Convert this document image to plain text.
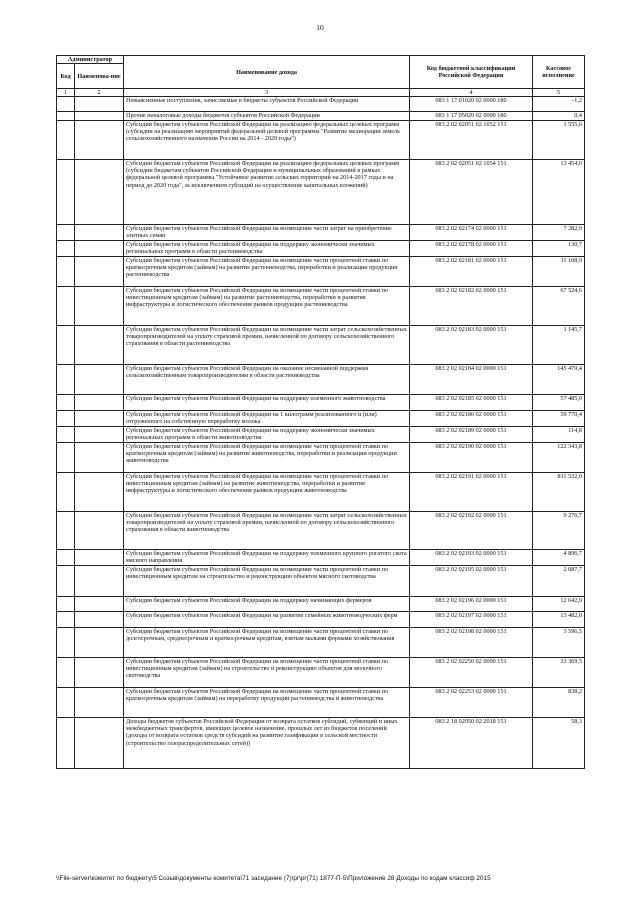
10
Администратор		Наименование дохода	Код бюджетной классификации Российской Федерации	Кассовое исполнение
Код	Наименова-ние			
1	2	3	4	5
		Невыясненные поступления, зачисляемые в бюджеты субъектов Российской Федерации	083 1 17 01020 02 0000 180	-1,2
		Прочие неналоговые доходы бюджетов субъектов Российской Федерации	083 1 17 05020 02 0000 180	0,4
		Субсидии бюджетам субъектов Российской Федерации на реализацию федеральных целевых программ (субсидии на реализацию мероприятий федеральной целевой программы "Развитие мелиорации земель сельскохозяйственного назначения России на 2014 - 2020 годы")	083 2 02 02051 02 1052 151	1 555,6
		Субсидии бюджетам субъектов Российской Федерации на реализацию федеральных целевых программ (субсидии бюджетам субъектов Российской Федерации и муниципальных образований в рамках федеральной целевой программы "Устойчивое развитие сельских территорий на 2014-2017 годы и на период до 2020 года", за исключением субсидий на осуществление капитальных вложений)	083 2 02 02051 02 1054 151	13 454,0
		Субсидии бюджетам субъектов Российской Федерации на возмещение части затрат на приобретение элитных семян	083 2 02 02174 02 0000 151	7 282,9
		Субсидии бюджетам субъектов Российской Федерации на поддержку экономически значимых региональных программ в области растениеводства	083 2 02 02178 02 0000 151	130,7
		Субсидии бюджетам субъектов Российской Федерации на возмещение части процентной ставки по краткосрочным кредитам (займам) на развитие растениеводства, переработки и реализации продукции растениеводства	083 2 02 02181 02 0000 151	11 108,9
		Субсидии бюджетам субъектов Российской Федерации на возмещение части процентной ставки по инвестиционным кредитам (займам) на развитие растениеводства, переработки и развития инфраструктуры и логистического обеспечения рынков продукции растениеводства	083 2 02 02182 02 0000 151	67 524,6
		Субсидии бюджетам субъектов Российской Федерации на возмещение части затрат сельскохозяйственных товаропроизводителей на уплату страховой премии, начисленной по договору сельскохозяйственного страхования в области растениеводства	083 2 02 02183 02 0000 151	1 145,7
		Субсидии бюджетам субъектов Российской Федерации на оказание несвязанной поддержки сельскохозяйственным товаропроизводителям в области растениеводства	083 2 02 02184 02 0000 151	145 479,4
		Субсидии бюджетам субъектов Российской Федерации на поддержку племенного животноводства	083 2 02 02185 02 0000 151	57 485,0
		Субсидии бюджетам субъектов Российской Федерации на 1 килограмм реализованного и (или) отгруженного на собственную переработку молока	083 2 02 02186 02 0000 151	59 770,4
		Субсидии бюджетам субъектов Российской Федерации на поддержку экономически значимых региональных программ в области животноводства	083 2 02 02189 02 0000 151	114,8
		Субсидии бюджетам субъектов Российской Федерации на возмещение части процентной ставки по краткосрочным кредитам (займам) на развитие животноводства, переработки и реализации продукции животноводства	083 2 02 02190 02 0000 151	122 343,8
		Субсидии бюджетам субъектов Российской Федерации на возмещение части процентной ставки по инвестиционным кредитам (займам) на развитие животноводства, переработки и развития инфраструктуры и логистического обеспечения рынков продукции животноводства	083 2 02 02191 02 0000 151	811 532,0
		Субсидии бюджетам субъектов Российской Федерации на возмещение части затрат сельскохозяйственных товаропроизводителей на уплату страховой премии, начисленной по договору сельскохозяйственного страхования в области животноводства	083 2 02 02192 02 0000 151	9 276,7
		Субсидии бюджетам субъектов Российской Федерации на поддержку племенного крупного рогатого скота мясного направления	083 2 02 02193 02 0000 151	4 896,7
		Субсидии бюджетам субъектов Российской Федерации на возмещение части процентной ставки по инвестиционным кредитам на строительство и реконструкцию объектов мясного скотоводства	083 2 02 02195 02 0000 151	2 087,7
		Субсидии бюджетам субъектов Российской Федерации на поддержку начинающих фермеров	083 2 02 02196 02 0000 151	12 642,0
		Субсидии бюджетам субъектов Российской Федерации на развитие семейных животноводческих ферм	083 2 02 02197 02 0000 151	13 482,0
		Субсидии бюджетам субъектов Российской Федерации на возмещение части процентной ставки по долгосрочным, среднесрочным и краткосрочным кредитам, взятым малыми формами хозяйствования	083 2 02 02198 02 0000 151	3 596,5
		Субсидии бюджетам субъектов Российской Федерации на возмещение части процентной ставки по инвестиционным кредитам (займам) на строительство и реконструкцию объектов для молочного скотоводства	083 2 02 02250 02 0000 151	33 369,5
		Субсидии бюджетам субъектов Российской Федерации на возмещение части процентной ставки по краткосрочным кредитам (займам) на переработку продукции растениеводства и животноводства	083 2 02 02253 02 0000 151	838,2
		Доходы бюджетов субъектов Российской Федерации от возврата остатков субсидий, субвенций и иных межбюджетных трансфертов, имеющих целевое назначение, прошлых лет из бюджетов поселений (доходы от возврата остатков средств субсидий на развитие газификации в сельской местности (строительство газораспределительных сетей))	083 2 18 02050 02 2018 151	58,3
\\File-server\комитет по бюджету\5 Созыв\документы комитета\71 заседание (7)\pr\pr(71) 1877-П-5\Приложение 28 Доходы по кодам классиф 2015
